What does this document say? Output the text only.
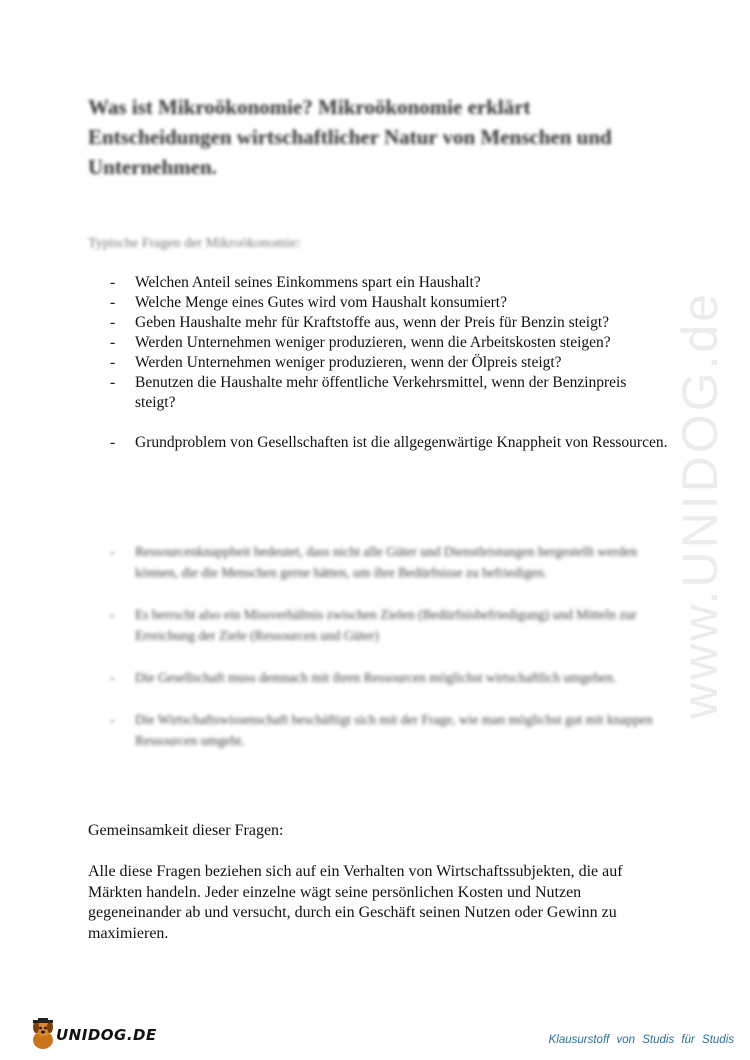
www.UNIDOG.de
Was ist Mikroökonomie? Mikroökonomie erklärt Entscheidungen wirtschaftlicher Natur von Menschen und Unternehmen.

Typische Fragen der Mikroökonomie:

- Welchen Anteil seines Einkommens spart ein Haushalt?
- Welche Menge eines Gutes wird vom Haushalt konsumiert?
- Geben Haushalte mehr für Kraftstoffe aus, wenn der Preis für Benzin steigt?
- Werden Unternehmen weniger produzieren, wenn die Arbeitskosten steigen?
- Werden Unternehmen weniger produzieren, wenn der Ölpreis steigt?
- Benutzen die Haushalte mehr öffentliche Verkehrsmittel, wenn der Benzinpreis steigt?
- Grundproblem von Gesellschaften ist die allgegenwärtige Knappheit von Ressourcen.
- Ressourcenknappheit bedeutet, dass nicht alle Güter und Dienstleistungen hergestellt werden können, die die Menschen gerne hätten, um ihre Bedürfnisse zu befriedigen.
- Es herrscht also ein Missverhältnis zwischen Zielen (Bedürfnisbefriedigung) und Mitteln zur Erreichung der Ziele (Ressourcen und Güter)
- Die Gesellschaft muss demnach mit ihren Ressourcen möglichst wirtschaftlich umgehen.
- Die Wirtschaftswissenschaft beschäftigt sich mit der Frage, wie man möglichst gut mit knappen Ressourcen umgeht.

Gemeinsamkeit dieser Fragen:

Alle diese Fragen beziehen sich auf ein Verhalten von Wirtschaftssubjekten, die auf Märkten handeln. Jeder einzelne wägt seine persönlichen Kosten und Nutzen gegeneinander ab und versucht, durch ein Geschäft seinen Nutzen oder Gewinn zu maximieren.

UNIDOG.DE	Klausurstoff von Studis für Studis
